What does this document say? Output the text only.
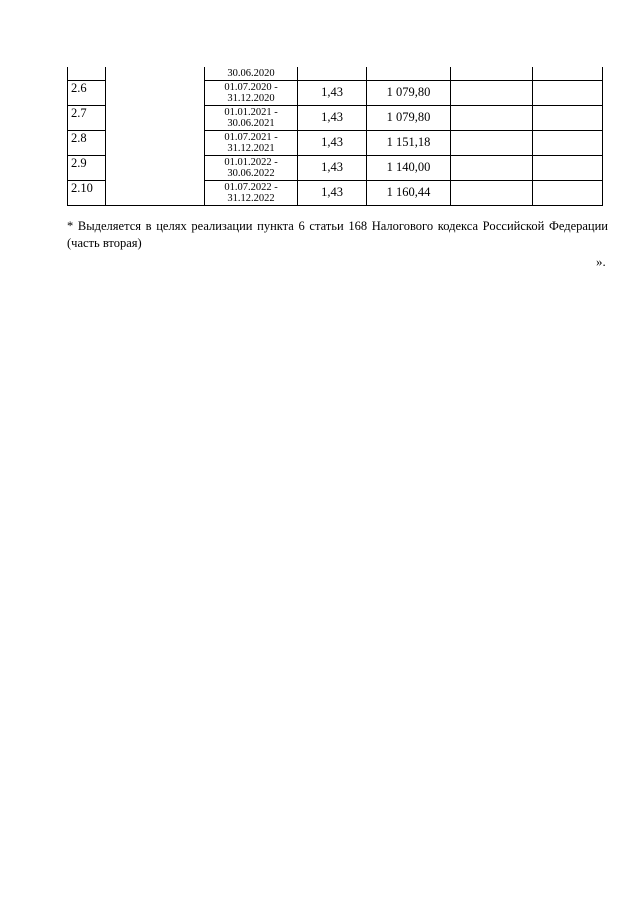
		30.06.2020				
2.6		01.07.2020 -
31.12.2020	1,43	1 079,80		
2.7		01.01.2021 -
30.06.2021	1,43	1 079,80		
2.8		01.07.2021 -
31.12.2021	1,43	1 151,18		
2.9		01.01.2022 -
30.06.2022	1,43	1 140,00		
2.10		01.07.2022 -
31.12.2022	1,43	1 160,44		

* Выделяется в целях реализации пункта 6 статьи 168 Налогового кодекса Российской Федерации (часть вторая)

».
